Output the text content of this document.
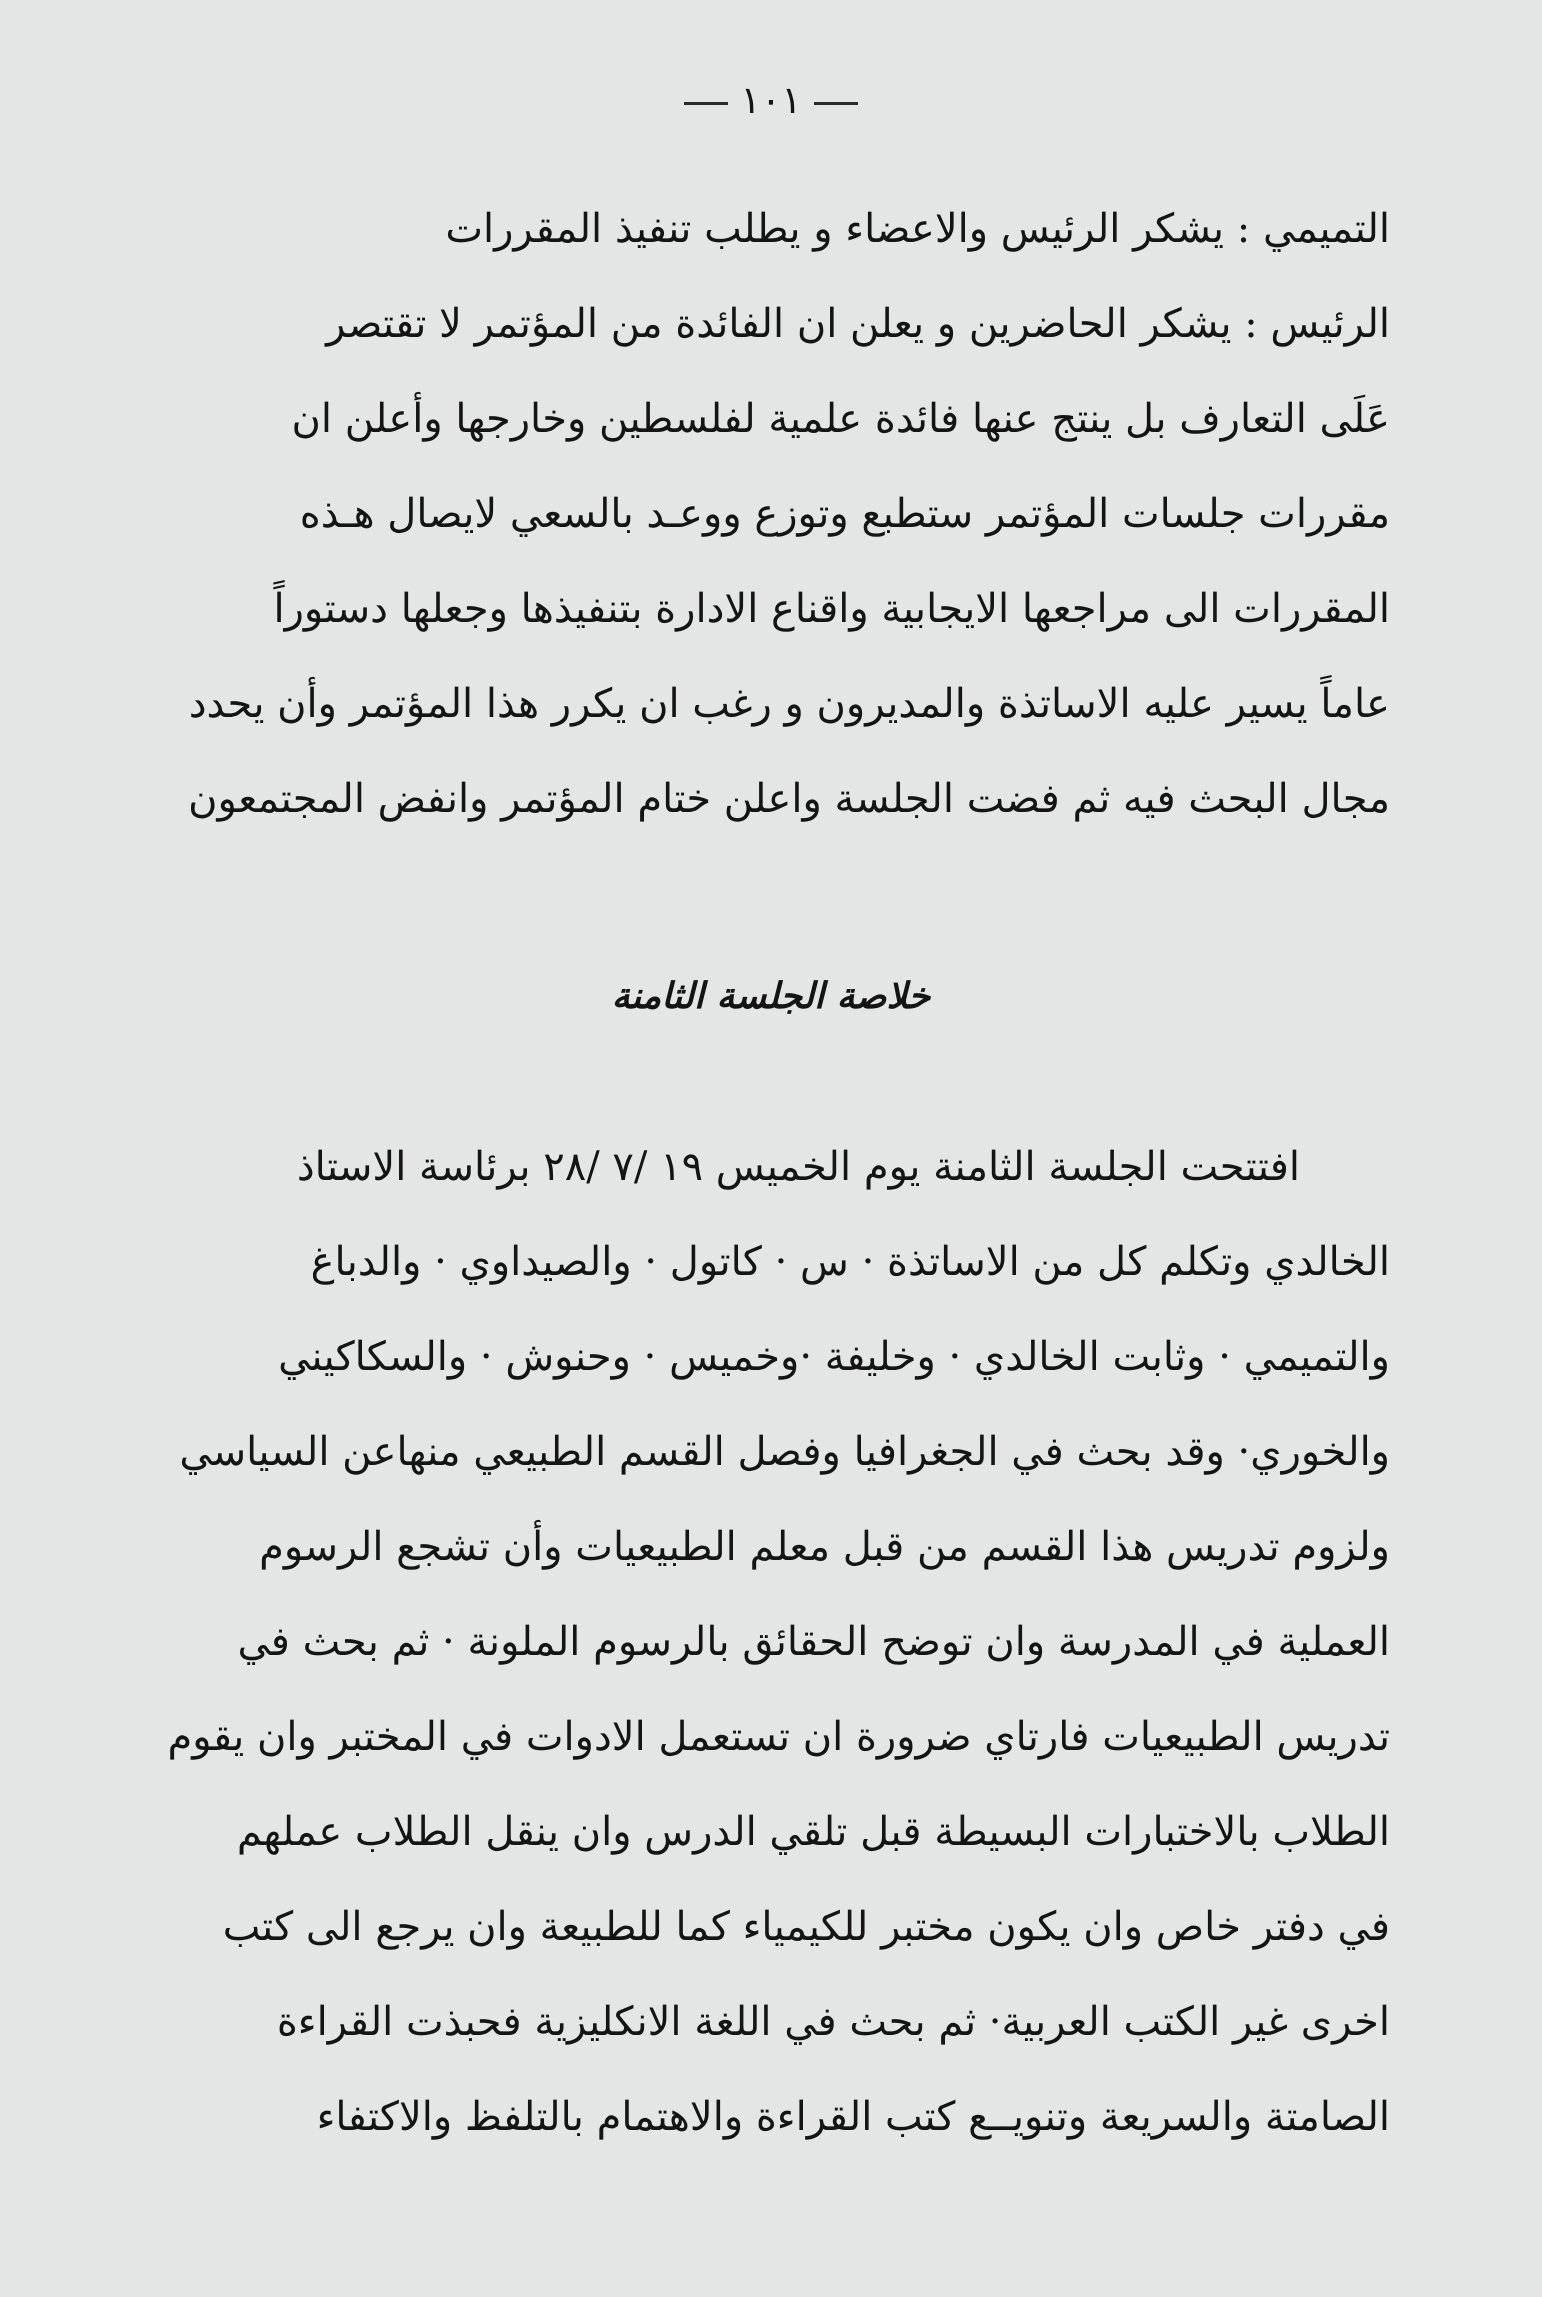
١٠١
التميمي : يشكر الرئيس والاعضاء و يطلب تنفيذ المقررات
الرئيس : يشكر الحاضرين و يعلن ان الفائدة من المؤتمر لا تقتصر
عَلَى التعارف بل ينتج عنها فائدة علمية لفلسطين وخارجها وأعلن ان
مقررات جلسات المؤتمر ستطبع وتوزع ووعـد بالسعي لايصال هـذه
المقررات الى مراجعها الايجابية واقناع الادارة بتنفيذها وجعلها دستوراً
عاماً يسير عليه الاساتذة والمديرون و رغب ان يكرر هذا المؤتمر وأن يحدد
مجال البحث فيه ثم فضت الجلسة واعلن ختام المؤتمر وانفض المجتمعون
خلاصة الجلسة الثامنة
افتتحت الجلسة الثامنة يوم الخميس ١٩ /٧ /٢٨ برئاسة الاستاذ
الخالدي وتكلم كل من الاساتذة · س · كاتول · والصيداوي · والدباغ
والتميمي · وثابت الخالدي · وخليفة ·وخميس · وحنوش · والسكاكيني
والخوري· وقد بحث في الجغرافيا وفصل القسم الطبيعي منهاعن السياسي
ولزوم تدريس هذا القسم من قبل معلم الطبيعيات وأن تشجع الرسوم
العملية في المدرسة وان توضح الحقائق بالرسوم الملونة · ثم بحث في
تدريس الطبيعيات فارتاي ضرورة ان تستعمل الادوات في المختبر وان يقوم
الطلاب بالاختبارات البسيطة قبل تلقي الدرس وان ينقل الطلاب عملهم
في دفتر خاص وان يكون مختبر للكيمياء كما للطبيعة وان يرجع الى كتب
اخرى غير الكتب العربية· ثم بحث في اللغة الانكليزية فحبذت القراءة
الصامتة والسريعة وتنويــع كتب القراءة والاهتمام بالتلفظ والاكتفاء
